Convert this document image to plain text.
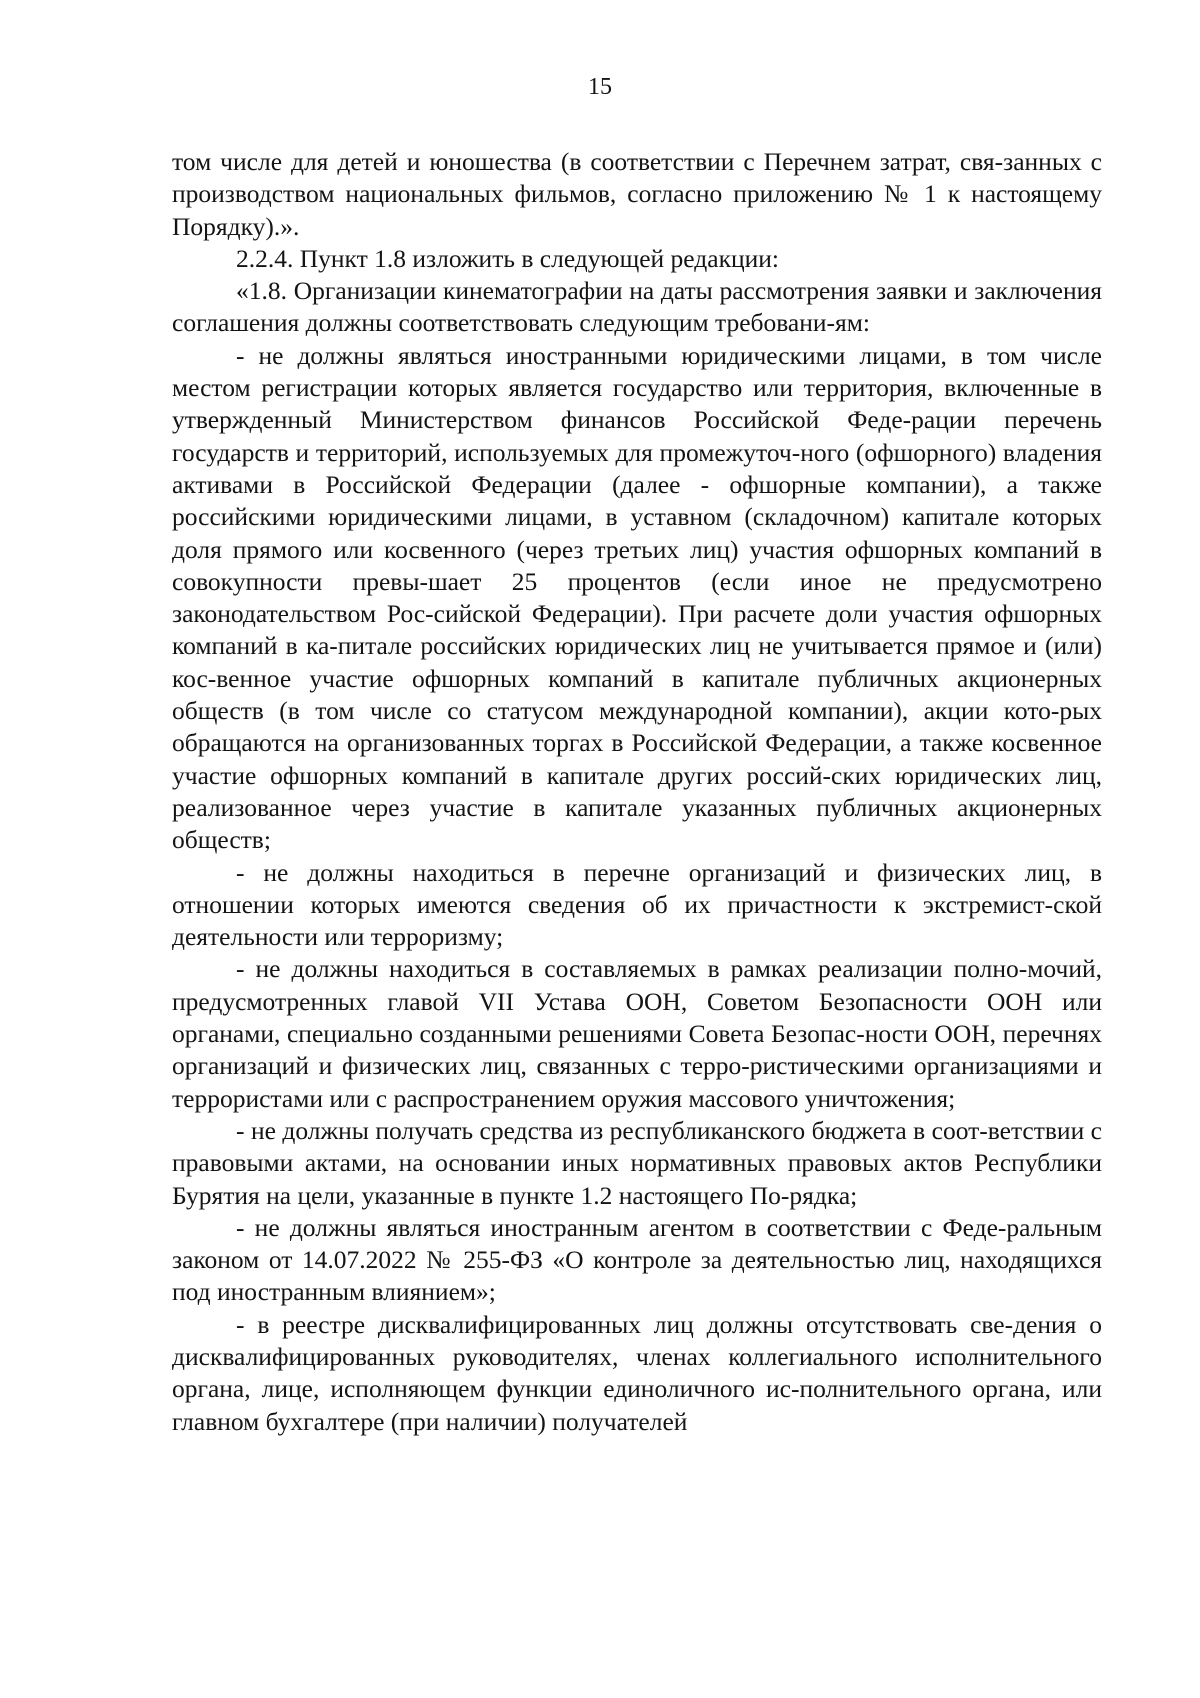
15

том числе для детей и юношества (в соответствии с Перечнем затрат, свя-занных с производством национальных фильмов, согласно приложению № 1 к настоящему Порядку).».

2.2.4. Пункт 1.8 изложить в следующей редакции:

«1.8. Организации кинематографии на даты рассмотрения заявки и заключения соглашения должны соответствовать следующим требовани-ям:

- не должны являться иностранными юридическими лицами, в том числе местом регистрации которых является государство или территория, включенные в утвержденный Министерством финансов Российской Феде-рации перечень государств и территорий, используемых для промежуточ-ного (офшорного) владения активами в Российской Федерации (далее - офшорные компании), а также российскими юридическими лицами, в уставном (складочном) капитале которых доля прямого или косвенного (через третьих лиц) участия офшорных компаний в совокупности превы-шает 25 процентов (если иное не предусмотрено законодательством Рос-сийской Федерации). При расчете доли участия офшорных компаний в ка-питале российских юридических лиц не учитывается прямое и (или) кос-венное участие офшорных компаний в капитале публичных акционерных обществ (в том числе со статусом международной компании), акции кото-рых обращаются на организованных торгах в Российской Федерации, а также косвенное участие офшорных компаний в капитале других россий-ских юридических лиц, реализованное через участие в капитале указанных публичных акционерных обществ;

- не должны находиться в перечне организаций и физических лиц, в отношении которых имеются сведения об их причастности к экстремист-ской деятельности или терроризму;

- не должны находиться в составляемых в рамках реализации полно-мочий, предусмотренных главой VII Устава ООН, Советом Безопасности ООН или органами, специально созданными решениями Совета Безопас-ности ООН, перечнях организаций и физических лиц, связанных с терро-ристическими организациями и террористами или с распространением оружия массового уничтожения;

- не должны получать средства из республиканского бюджета в соот-ветствии с правовыми актами, на основании иных нормативных правовых актов Республики Бурятия на цели, указанные в пункте 1.2 настоящего По-рядка;

- не должны являться иностранным агентом в соответствии с Феде-ральным законом от 14.07.2022 № 255-ФЗ «О контроле за деятельностью лиц, находящихся под иностранным влиянием»;

- в реестре дисквалифицированных лиц должны отсутствовать све-дения о дисквалифицированных руководителях, членах коллегиального исполнительного органа, лице, исполняющем функции единоличного ис-полнительного органа, или главном бухгалтере (при наличии) получателей
